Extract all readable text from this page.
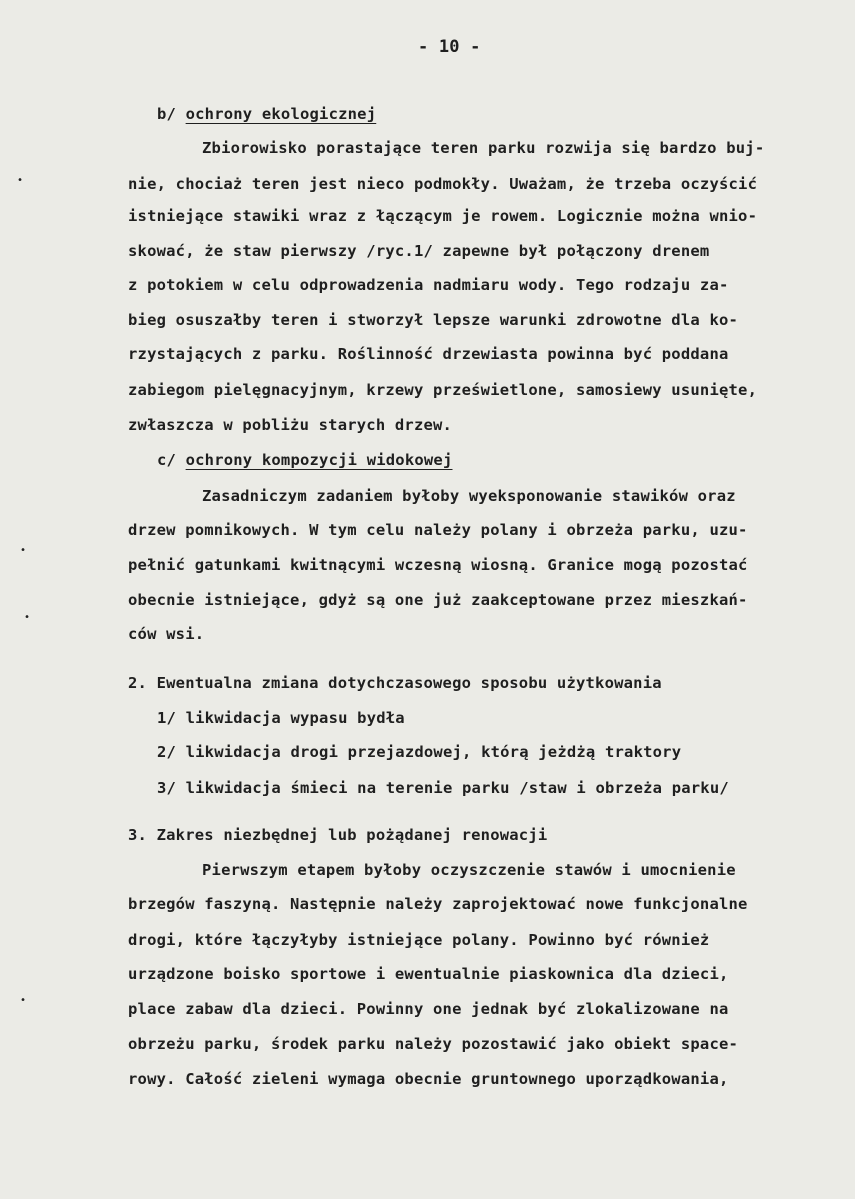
- 10 -
b/ ochrony ekologicznej
Zbiorowisko porastające teren parku rozwija się bardzo buj-
nie, chociaż teren jest nieco podmokły. Uważam, że trzeba oczyścić
istniejące stawiki wraz z łączącym je rowem. Logicznie można wnio-
skować, że staw pierwszy /ryc.1/ zapewne był połączony drenem
z potokiem w celu odprowadzenia nadmiaru wody. Tego rodzaju za-
bieg osuszałby teren i stworzył lepsze warunki zdrowotne dla ko-
rzystających z parku. Roślinność drzewiasta powinna być poddana
zabiegom pielęgnacyjnym, krzewy prześwietlone, samosiewy usunięte,
zwłaszcza w pobliżu starych drzew.
c/ ochrony kompozycji widokowej
Zasadniczym zadaniem byłoby wyeksponowanie stawików oraz
drzew pomnikowych. W tym celu należy polany i obrzeża parku, uzu-
pełnić gatunkami kwitnącymi wczesną wiosną. Granice mogą pozostać
obecnie istniejące, gdyż są one już zaakceptowane przez mieszkań-
ców wsi.
2. Ewentualna zmiana dotychczasowego sposobu użytkowania
1/ likwidacja wypasu bydła
2/ likwidacja drogi przejazdowej, którą jeżdżą traktory
3/ likwidacja śmieci na terenie parku /staw i obrzeża parku/
3. Zakres niezbędnej lub pożądanej renowacji
Pierwszym etapem byłoby oczyszczenie stawów i umocnienie
brzegów faszyną. Następnie należy zaprojektować nowe funkcjonalne
drogi, które łączyłyby istniejące polany. Powinno być również
urządzone boisko sportowe i ewentualnie piaskownica dla dzieci,
place zabaw dla dzieci. Powinny one jednak być zlokalizowane na
obrzeżu parku, środek parku należy pozostawić jako obiekt space-
rowy. Całość zieleni wymaga obecnie gruntownego uporządkowania,
•
•
•
•
